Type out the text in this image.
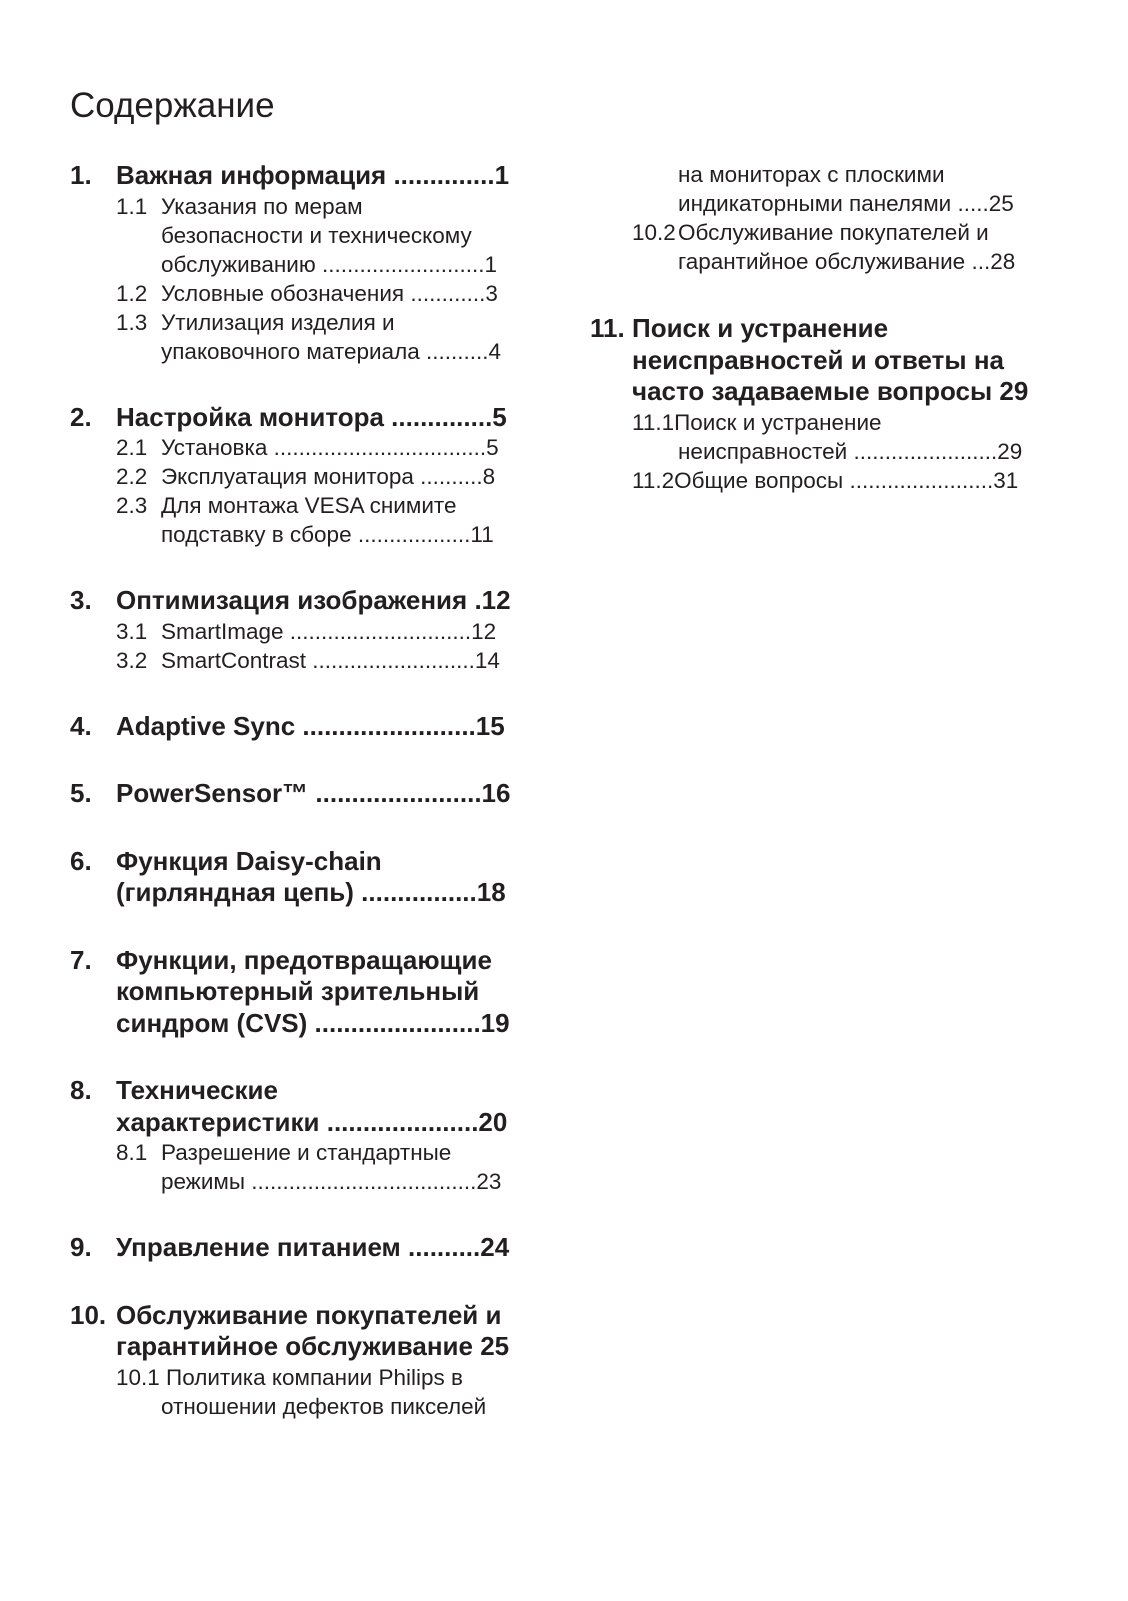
Содержание
1. Важная информация ..............1
1.1 Указания по мерам
безопасности и техническому
обслуживанию ..........................1
1.2 Условные обозначения ............3
1.3 Утилизация изделия и
упаковочного материала ..........4
2. Настройка монитора ..............5
2.1 Установка ..................................5
2.2 Эксплуатация монитора ..........8
2.3 Для монтажа VESA снимите
подставку в сборе ..................11
3. Оптимизация изображения .12
3.1 SmartImage .............................12
3.2 SmartContrast ..........................14
4. Adaptive Sync ........................15
5. PowerSensor™ .......................16
6. Функция Daisy-chain
(гирляндная цепь) ................18
7. Функции, предотвращающие
компьютерный зрительный
синдром (CVS) .......................19
8. Технические
характеристики .....................20
8.1 Разрешение и стандартные
режимы ....................................23
9. Управление питанием ..........24
10. Обслуживание покупателей и
гарантийное обслуживание 25
10.1 Политика компании Philips в
отношении дефектов пикселей
на мониторах с плоскими
индикаторными панелями .....25
10.2 Обслуживание покупателей и
гарантийное обслуживание ...28
11. Поиск и устранение
неисправностей и ответы на
часто задаваемые вопросы 29
11.1Поиск и устранение
неисправностей .......................29
11.2Общие вопросы .......................31
